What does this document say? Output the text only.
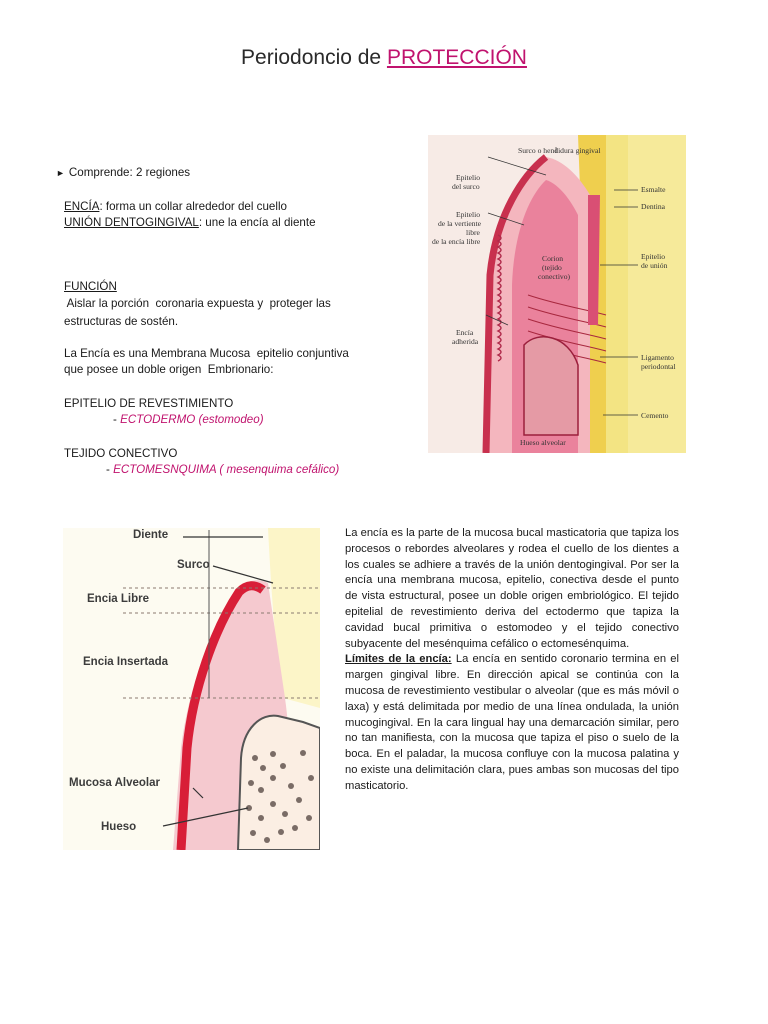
Periodoncio de PROTECCIÓN
► Comprende: 2 regiones
ENCÍA: forma un collar alrededor del cuello
UNIÓN DENTOGINGIVAL: une la encía al diente
FUNCIÓN
Aislar la porción  coronaria expuesta y  proteger las
estructuras de sostén.
La Encía es una Membrana Mucosa  epitelio conjuntiva
que posee un doble origen  Embrionario:
EPITELIO DE REVESTIMIENTO
- ECTODERMO (estomodeo)
TEJIDO CONECTIVO
- ECTOMESNQUIMA ( mesenquima cefálico)
Surco o hendidura gingival
Epitelio
del surco
Epitelio
de la vertiente
libre
de la encía libre
Corion
(tejido
conectivo)
Encía
adherida
Esmalte
Dentina
Epitelio
de unión
Ligamento
periodontal
Cemento
Hueso alveolar
Diente
Surco
Encia Libre
Encia Insertada
Mucosa Alveolar
Hueso
La encía es la parte de la mucosa bucal masticatoria que tapiza los procesos o rebordes alveolares y rodea el cuello de los dientes a los cuales se adhiere a través de la unión dentogingival. Por ser la encía una membrana mucosa, epitelio, conectiva desde el punto de vista estructural, posee un doble origen embriológico. El tejido epitelial de revestimiento deriva del ectodermo que tapiza la cavidad bucal primitiva o estomodeo y el tejido conectivo subyacente del mesénquima cefálico o ectomesénquima.
Límites de la encía: La encía en sentido coronario termina en el margen gingival libre. En dirección apical se continúa con la mucosa de revestimiento vestibular o alveolar (que es más móvil o laxa) y está delimitada por medio de una línea ondulada, la unión mucogingival. En la cara lingual hay una demarcación similar, pero no tan manifiesta, con la mucosa que tapiza el piso o suelo de la boca. En el paladar, la mucosa confluye con la mucosa palatina y no existe una delimitación clara, pues ambas son mucosas del tipo masticatorio.
